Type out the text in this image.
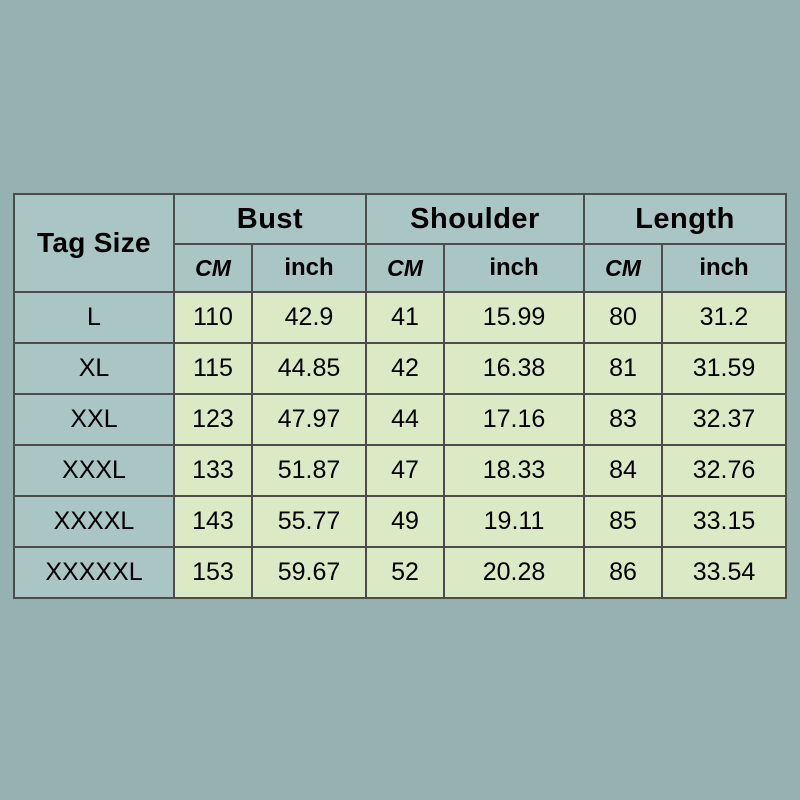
Tag Size	Bust		Shoulder		Length	
	CM	inch	CM	inch	CM	inch
L	110	42.9	41	15.99	80	31.2
XL	115	44.85	42	16.38	81	31.59
XXL	123	47.97	44	17.16	83	32.37
XXXL	133	51.87	47	18.33	84	32.76
XXXXL	143	55.77	49	19.11	85	33.15
XXXXXL	153	59.67	52	20.28	86	33.54
